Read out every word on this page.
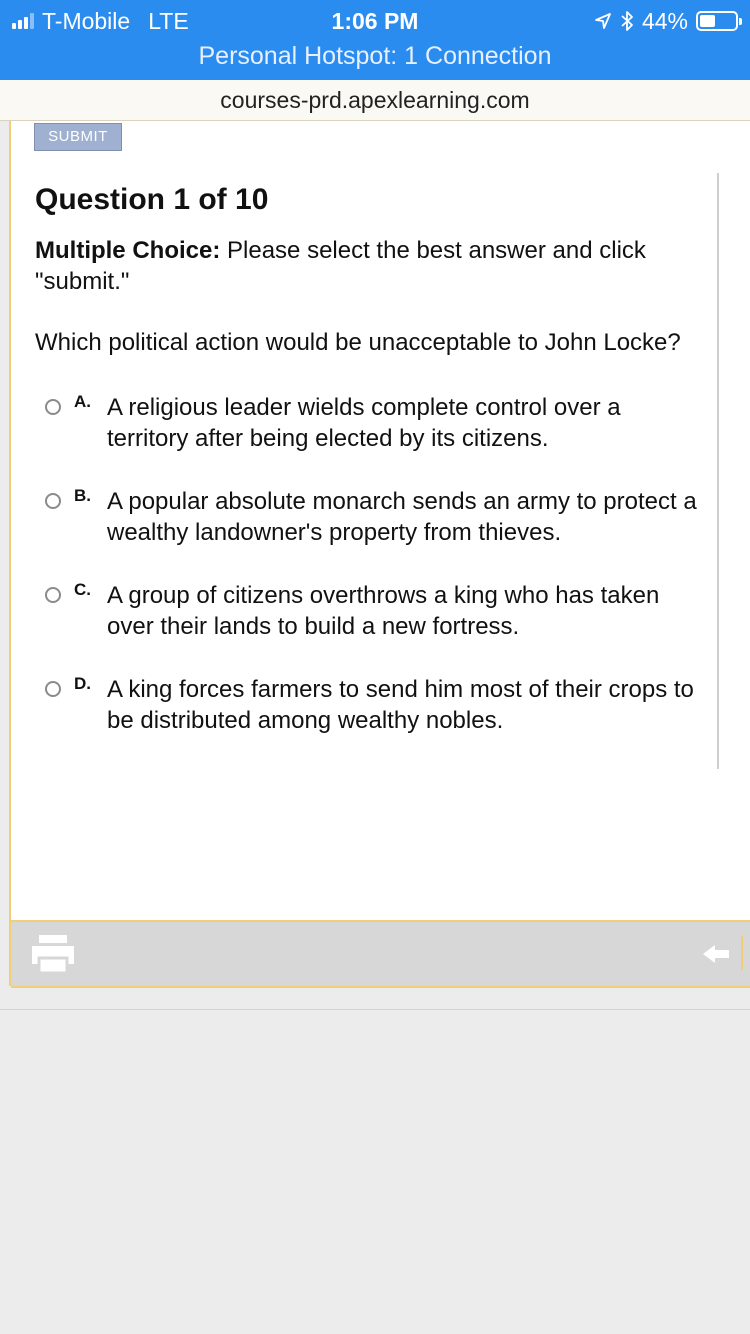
T-Mobile LTE	1:06 PM	44%
Personal Hotspot: 1 Connection
courses-prd.apexlearning.com
SUBMIT
Question 1 of 10
Multiple Choice: Please select the best answer and click "submit."
Which political action would be unacceptable to John Locke?
A. A religious leader wields complete control over a territory after being elected by its citizens.
B. A popular absolute monarch sends an army to protect a wealthy landowner's property from thieves.
C. A group of citizens overthrows a king who has taken over their lands to build a new fortress.
D. A king forces farmers to send him most of their crops to be distributed among wealthy nobles.
